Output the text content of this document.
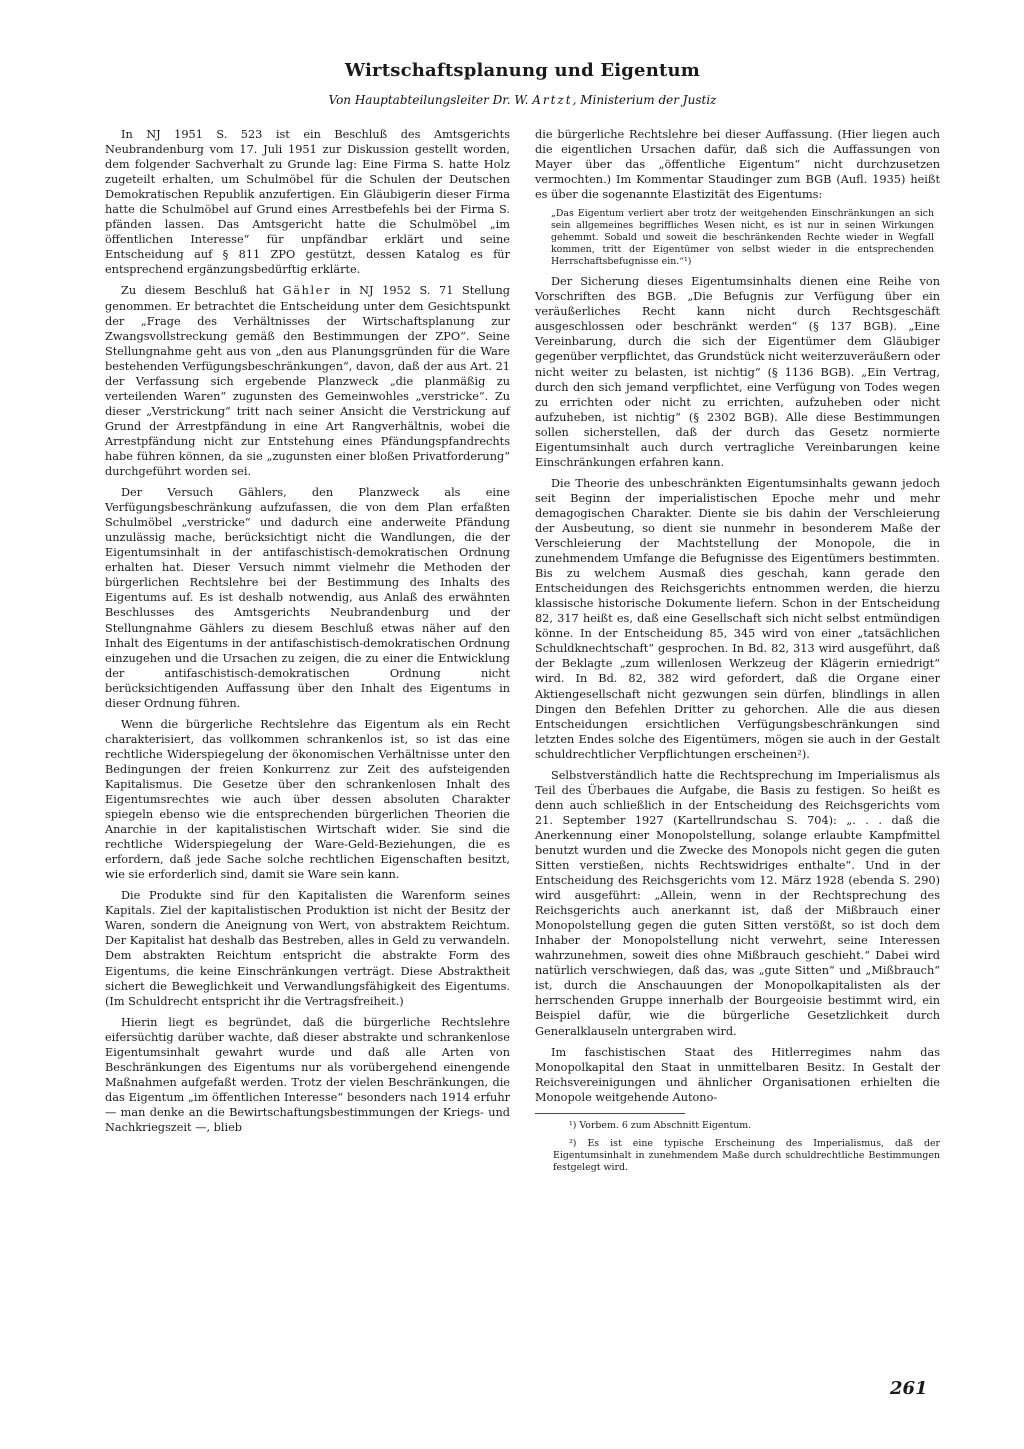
Wirtschaftsplanung und Eigentum

Von Hauptabteilungsleiter Dr. W. Artzt, Ministerium der Justiz

In NJ 1951 S. 523 ist ein Beschluß des Amtsgerichts Neubrandenburg vom 17. Juli 1951 zur Diskussion gestellt worden, dem folgender Sachverhalt zu Grunde lag: Eine Firma S. hatte Holz zugeteilt erhalten, um Schulmöbel für die Schulen der Deutschen Demokratischen Republik anzufertigen. Ein Gläubigerin dieser Firma hatte die Schulmöbel auf Grund eines Arrestbefehls bei der Firma S. pfänden lassen. Das Amtsgericht hatte die Schulmöbel „im öffentlichen Interesse“ für unpfändbar erklärt und seine Entscheidung auf § 811 ZPO gestützt, dessen Katalog es für entsprechend ergänzungsbedürftig erklärte.

Zu diesem Beschluß hat Gähler in NJ 1952 S. 71 Stellung genommen. Er betrachtet die Entscheidung unter dem Gesichtspunkt der „Frage des Verhältnisses der Wirtschaftsplanung zur Zwangsvollstreckung gemäß den Bestimmungen der ZPO“. Seine Stellungnahme geht aus von „den aus Planungsgründen für die Ware bestehenden Verfügungsbeschränkungen“, davon, daß der aus Art. 21 der Verfassung sich ergebende Planzweck „die planmäßig zu verteilenden Waren“ zugunsten des Gemeinwohles „verstricke“. Zu dieser „Verstrickung“ tritt nach seiner Ansicht die Verstrickung auf Grund der Arrestpfändung in eine Art Rangverhältnis, wobei die Arrestpfändung nicht zur Entstehung eines Pfändungspfandrechts habe führen können, da sie „zugunsten einer bloßen Privatforderung“ durchgeführt worden sei.

Der Versuch Gählers, den Planzweck als eine Verfügungsbeschränkung aufzufassen, die von dem Plan erfaßten Schulmöbel „verstricke“ und dadurch eine anderweite Pfändung unzulässig mache, berücksichtigt nicht die Wandlungen, die der Eigentumsinhalt in der antifaschistisch-demokratischen Ordnung erhalten hat. Dieser Versuch nimmt vielmehr die Methoden der bürgerlichen Rechtslehre bei der Bestimmung des Inhalts des Eigentums auf. Es ist deshalb notwendig, aus Anlaß des erwähnten Beschlusses des Amtsgerichts Neubrandenburg und der Stellungnahme Gählers zu diesem Beschluß etwas näher auf den Inhalt des Eigentums in der antifaschistisch-demokratischen Ordnung einzugehen und die Ursachen zu zeigen, die zu einer die Entwicklung der antifaschistisch-demokratischen Ordnung nicht berücksichtigenden Auffassung über den Inhalt des Eigentums in dieser Ordnung führen.

Wenn die bürgerliche Rechtslehre das Eigentum als ein Recht charakterisiert, das vollkommen schrankenlos ist, so ist das eine rechtliche Widerspiegelung der ökonomischen Verhältnisse unter den Bedingungen der freien Konkurrenz zur Zeit des aufsteigenden Kapitalismus. Die Gesetze über den schrankenlosen Inhalt des Eigentumsrechtes wie auch über dessen absoluten Charakter spiegeln ebenso wie die entsprechenden bürgerlichen Theorien die Anarchie in der kapitalistischen Wirtschaft wider. Sie sind die rechtliche Widerspiegelung der Ware-Geld-Beziehungen, die es erfordern, daß jede Sache solche rechtlichen Eigenschaften besitzt, wie sie erforderlich sind, damit sie Ware sein kann.

Die Produkte sind für den Kapitalisten die Warenform seines Kapitals. Ziel der kapitalistischen Produktion ist nicht der Besitz der Waren, sondern die Aneignung von Wert, von abstraktem Reichtum. Der Kapitalist hat deshalb das Bestreben, alles in Geld zu verwandeln. Dem abstrakten Reichtum entspricht die abstrakte Form des Eigentums, die keine Einschränkungen verträgt. Diese Abstraktheit sichert die Beweglichkeit und Verwandlungsfähigkeit des Eigentums. (Im Schuldrecht entspricht ihr die Vertragsfreiheit.)

Hierin liegt es begründet, daß die bürgerliche Rechtslehre eifersüchtig darüber wachte, daß dieser abstrakte und schrankenlose Eigentumsinhalt gewahrt wurde und daß alle Arten von Beschränkungen des Eigentums nur als vorübergehend einengende Maßnahmen aufgefaßt werden. Trotz der vielen Beschränkungen, die das Eigentum „im öffentlichen Interesse“ besonders nach 1914 erfuhr — man denke an die Bewirtschaftungsbestimmungen der Kriegs- und Nachkriegszeit —, blieb

die bürgerliche Rechtslehre bei dieser Auffassung. (Hier liegen auch die eigentlichen Ursachen dafür, daß sich die Auffassungen von Mayer über das „öffentliche Eigentum“ nicht durchzusetzen vermochten.) Im Kommentar Staudinger zum BGB (Aufl. 1935) heißt es über die sogenannte Elastizität des Eigentums:

„Das Eigentum verliert aber trotz der weitgehenden Einschränkungen an sich sein allgemeines begriffliches Wesen nicht, es ist nur in seinen Wirkungen gehemmt. Sobald und soweit die beschränkenden Rechte wieder in Wegfall kommen, tritt der Eigentümer von selbst wieder in die entsprechenden Herrschaftsbefugnisse ein.“¹)

Der Sicherung dieses Eigentumsinhalts dienen eine Reihe von Vorschriften des BGB. „Die Befugnis zur Verfügung über ein veräußerliches Recht kann nicht durch Rechtsgeschäft ausgeschlossen oder beschränkt werden“ (§ 137 BGB). „Eine Vereinbarung, durch die sich der Eigentümer dem Gläubiger gegenüber verpflichtet, das Grundstück nicht weiterzuveräußern oder nicht weiter zu belasten, ist nichtig“ (§ 1136 BGB). „Ein Vertrag, durch den sich jemand verpflichtet, eine Verfügung von Todes wegen zu errichten oder nicht zu errichten, aufzuheben oder nicht aufzuheben, ist nichtig“ (§ 2302 BGB). Alle diese Bestimmungen sollen sicherstellen, daß der durch das Gesetz normierte Eigentumsinhalt auch durch vertragliche Vereinbarungen keine Einschränkungen erfahren kann.

Die Theorie des unbeschränkten Eigentumsinhalts gewann jedoch seit Beginn der imperialistischen Epoche mehr und mehr demagogischen Charakter. Diente sie bis dahin der Verschleierung der Ausbeutung, so dient sie nunmehr in besonderem Maße der Verschleierung der Machtstellung der Monopole, die in zunehmendem Umfange die Befugnisse des Eigentümers bestimmten. Bis zu welchem Ausmaß dies geschah, kann gerade den Entscheidungen des Reichsgerichts entnommen werden, die hierzu klassische historische Dokumente liefern. Schon in der Entscheidung 82, 317 heißt es, daß eine Gesellschaft sich nicht selbst entmündigen könne. In der Entscheidung 85, 345 wird von einer „tatsächlichen Schuldknechtschaft“ gesprochen. In Bd. 82, 313 wird ausgeführt, daß der Beklagte „zum willenlosen Werkzeug der Klägerin erniedrigt“ wird. In Bd. 82, 382 wird gefordert, daß die Organe einer Aktiengesellschaft nicht gezwungen sein dürfen, blindlings in allen Dingen den Befehlen Dritter zu gehorchen. Alle die aus diesen Entscheidungen ersichtlichen Verfügungsbeschränkungen sind letzten Endes solche des Eigentümers, mögen sie auch in der Gestalt schuldrechtlicher Verpflichtungen erscheinen²).

Selbstverständlich hatte die Rechtsprechung im Imperialismus als Teil des Überbaues die Aufgabe, die Basis zu festigen. So heißt es denn auch schließlich in der Entscheidung des Reichsgerichts vom 21. September 1927 (Kartellrundschau S. 704): „. . . daß die Anerkennung einer Monopolstellung, solange erlaubte Kampfmittel benutzt wurden und die Zwecke des Monopols nicht gegen die guten Sitten verstießen, nichts Rechtswidriges enthalte“. Und in der Entscheidung des Reichsgerichts vom 12. März 1928 (ebenda S. 290) wird ausgeführt: „Allein, wenn in der Rechtsprechung des Reichsgerichts auch anerkannt ist, daß der Mißbrauch einer Monopolstellung gegen die guten Sitten verstößt, so ist doch dem Inhaber der Monopolstellung nicht verwehrt, seine Interessen wahrzunehmen, soweit dies ohne Mißbrauch geschieht.“ Dabei wird natürlich verschwiegen, daß das, was „gute Sitten“ und „Mißbrauch“ ist, durch die Anschauungen der Monopolkapitalisten als der herrschenden Gruppe innerhalb der Bourgeoisie bestimmt wird, ein Beispiel dafür, wie die bürgerliche Gesetzlichkeit durch Generalklauseln untergraben wird.

Im faschistischen Staat des Hitlerregimes nahm das Monopolkapital den Staat in unmittelbaren Besitz. In Gestalt der Reichsvereinigungen und ähnlicher Organisationen erhielten die Monopole weitgehende Autono-

¹) Vorbem. 6 zum Abschnitt Eigentum.

²) Es ist eine typische Erscheinung des Imperialismus, daß der Eigentumsinhalt in zunehmendem Maße durch schuldrechtliche Bestimmungen festgelegt wird.

261
